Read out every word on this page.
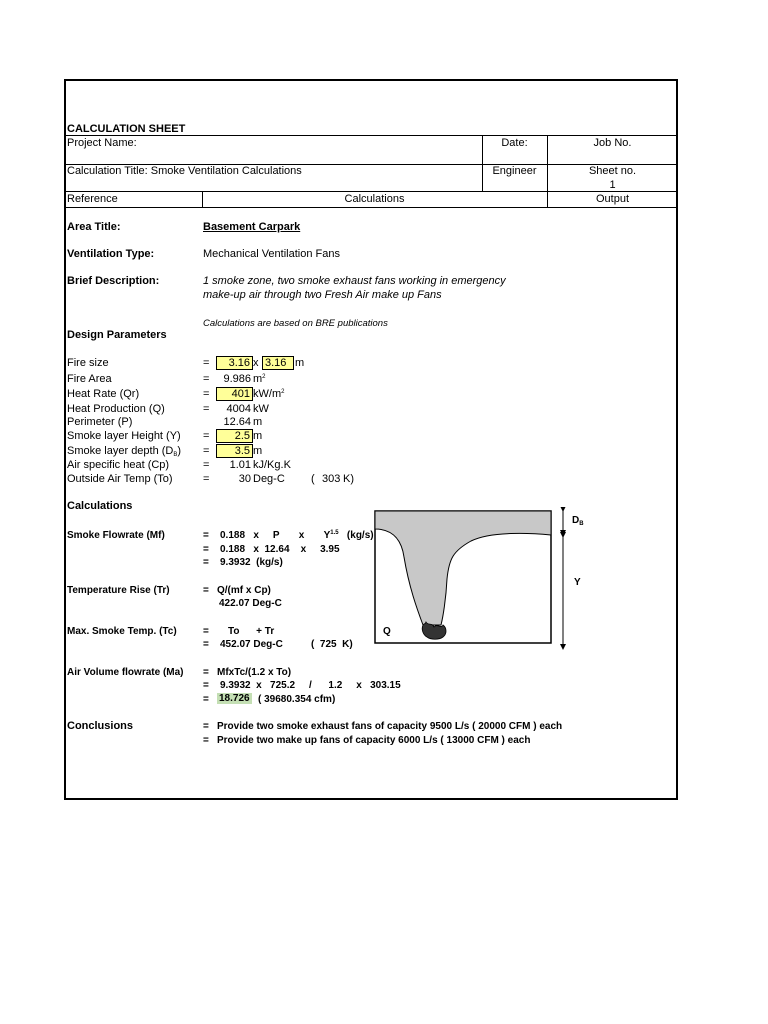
CALCULATION SHEET
Project Name:	Date:	Job No.
Calculation Title: Smoke Ventilation Calculations	Engineer	Sheet no.
1
Reference	Calculations	Output
Area Title:	Basement Carpark
Ventilation Type:	Mechanical Ventilation Fans
Brief Description:	1 smoke zone, two smoke exhaust fans working in emergency
make-up air through two Fresh Air make up Fans
Calculations are based on BRE publications
Design Parameters
Fire size	=	3.16 x 3.16 m
Fire Area	= 9.986 $m^2$
Heat Rate (Qr)	=	401 $kW/m^2$
Heat Production (Q)	=	4004 kW
Perimeter (P)	12.64 m
Smoke layer Height (Y) =	2.5 m
Smoke layer depth $(D_B)$ =	3.5 m
Air specific heat (Cp)	=	1.01 kJ/Kg.K
Outside Air Temp (To)	=	30 Deg-C ( 303 K)
Calculations
Smoke Flowrate (Mf)	= 0.188   x     P       x       $Y^{1.5}$   (kg/s)
= 0.188   x  12.64    x     3.95
= 9.3932  (kg/s)
Temperature Rise (Tr)	= Q/(mf x Cp)
422.07 Deg-C
Max. Smoke Temp. (Tc)	= To      + Tr
= 452.07 Deg-C	(  725  K)
Air Volume flowrate (Ma) = MfxTc/(1.2 x To)
= 9.3932  x   725.2     /      1.2     x   303.15
= 18.726 ( 39680.354 cfm)
Conclusions	= Provide two smoke exhaust fans of capacity 9500 L/s ( 20000 CFM ) each
= Provide two make up fans of capacity 6000 L/s ( 13000 CFM ) each
$D_B$
Y
Q
